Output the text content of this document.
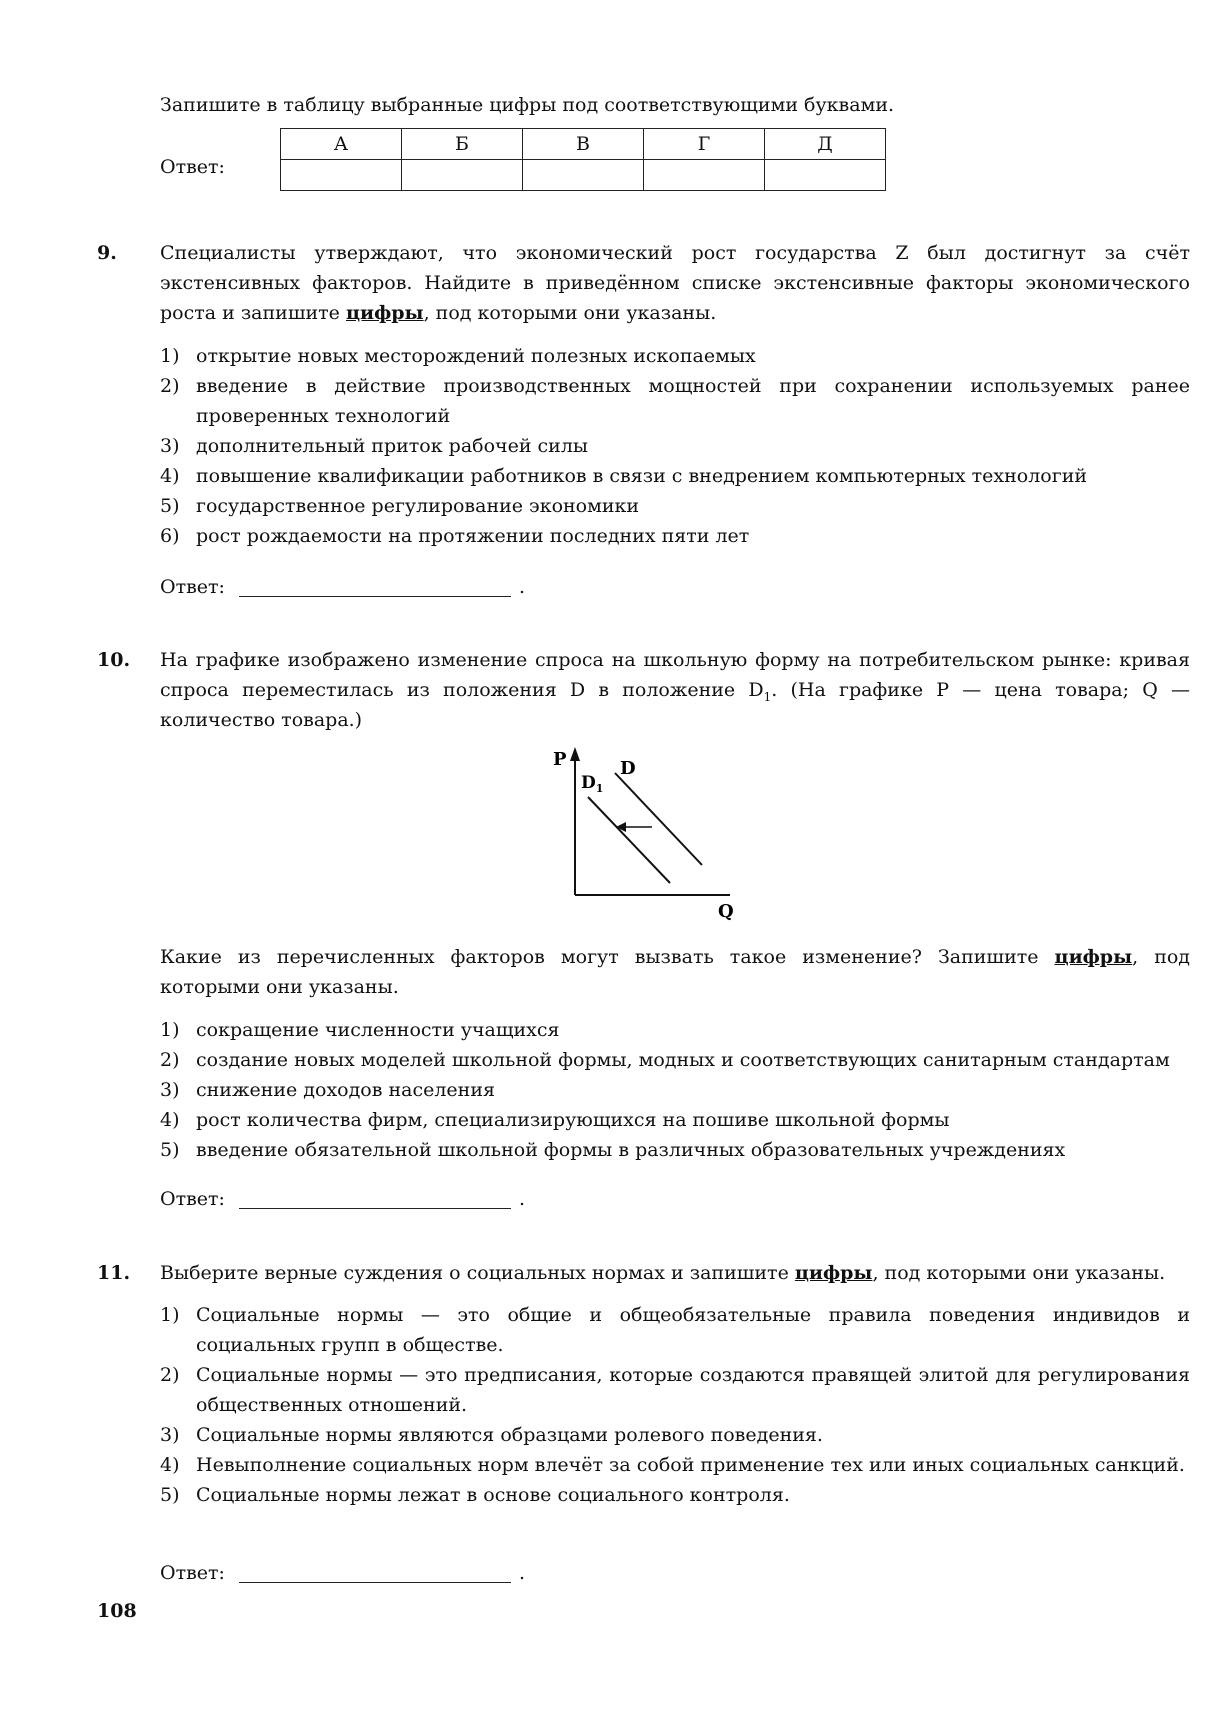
Запишите в таблицу выбранные цифры под соответствующими буквами.
Ответ:
А	Б	В	Г	Д

9. Специалисты утверждают, что экономический рост государства Z был достигнут за счёт экстенсивных факторов. Найдите в приведённом списке экстенсивные факторы экономического роста и запишите цифры, под которыми они указаны.
1) открытие новых месторождений полезных ископаемых
2) введение в действие производственных мощностей при сохранении используемых ранее проверенных технологий
3) дополнительный приток рабочей силы
4) повышение квалификации работников в связи с внедрением компьютерных технологий
5) государственное регулирование экономики
6) рост рождаемости на протяжении последних пяти лет
Ответ:	.
10. На графике изображено изменение спроса на школьную форму на потребительском рынке: кривая спроса переместилась из положения D в положение $D_1$. (На графике P — цена товара; Q — количество товара.)
P
Q
D
$D_1$
Какие из перечисленных факторов могут вызвать такое изменение? Запишите цифры, под которыми они указаны.
1) сокращение численности учащихся
2) создание новых моделей школьной формы, модных и соответствующих санитарным стандартам
3) снижение доходов населения
4) рост количества фирм, специализирующихся на пошиве школьной формы
5) введение обязательной школьной формы в различных образовательных учреждениях
Ответ:	.
11. Выберите верные суждения о социальных нормах и запишите цифры, под которыми они указаны.
1) Социальные нормы — это общие и общеобязательные правила поведения индивидов и социальных групп в обществе.
2) Социальные нормы — это предписания, которые создаются правящей элитой для регулирования общественных отношений.
3) Социальные нормы являются образцами ролевого поведения.
4) Невыполнение социальных норм влечёт за собой применение тех или иных социальных санкций.
5) Социальные нормы лежат в основе социального контроля.
Ответ:	.
108
